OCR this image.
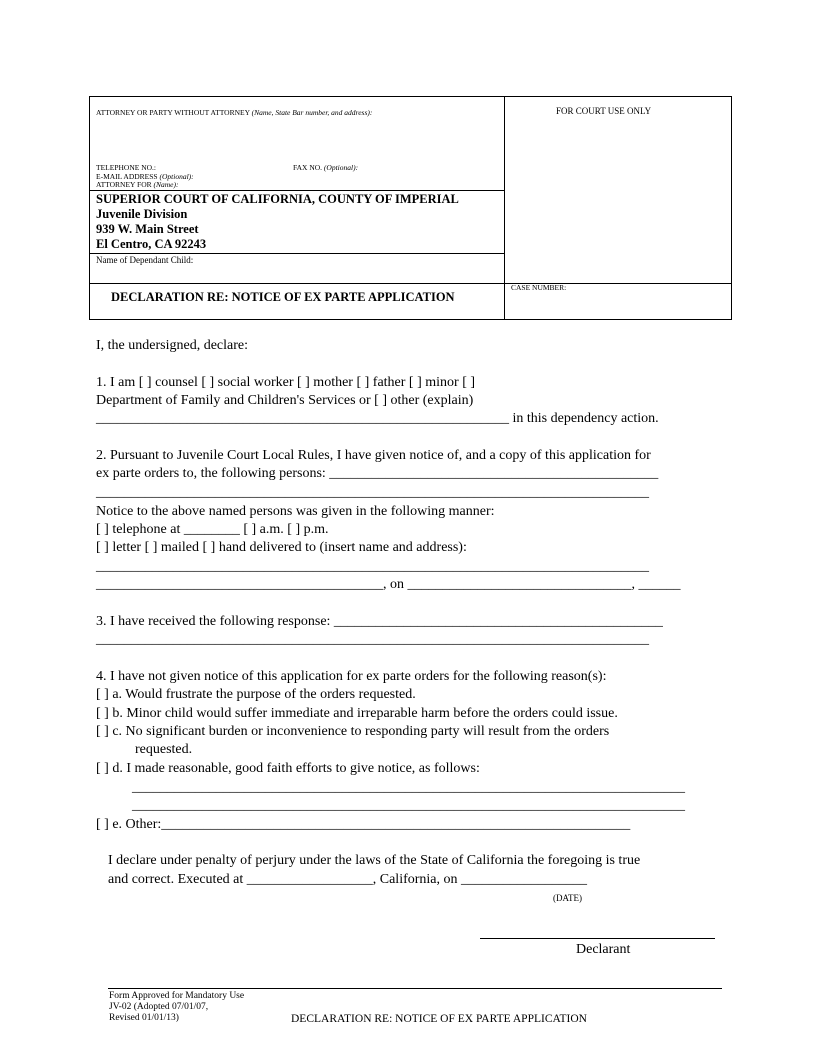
ATTORNEY OR PARTY WITHOUT ATTORNEY (Name, State Bar number, and address):	FOR COURT USE ONLY
TELEPHONE NO.:	FAX NO. (Optional):
E-MAIL ADDRESS (Optional):
ATTORNEY FOR (Name):
SUPERIOR COURT OF CALIFORNIA, COUNTY OF IMPERIAL
Juvenile Division
939 W. Main Street
El Centro, CA 92243
Name of Dependant Child:
DECLARATION RE: NOTICE OF EX PARTE APPLICATION
CASE NUMBER:
I, the undersigned, declare:
1. I am [ ] counsel [ ] social worker [ ] mother [ ] father [ ] minor [ ]
Department of Family and Children's Services or [ ] other (explain)
___________________________________________________________ in this dependency action.
2. Pursuant to Juvenile Court Local Rules, I have given notice of, and a copy of this application for
ex parte orders to, the following persons: _______________________________________________
_______________________________________________________________________________
Notice to the above named persons was given in the following manner:
[ ] telephone at ________ [ ] a.m. [ ] p.m.
[ ] letter [ ] mailed [ ] hand delivered to (insert name and address):
_______________________________________________________________________________
_________________________________________, on ________________________________, ______
3. I have received the following response: _______________________________________________
_______________________________________________________________________________
4. I have not given notice of this application for ex parte orders for the following reason(s):
[ ] a. Would frustrate the purpose of the orders requested.
[ ] b. Minor child would suffer immediate and irreparable harm before the orders could issue.
[ ] c. No significant burden or inconvenience to responding party will result from the orders
requested.
[ ] d. I made reasonable, good faith efforts to give notice, as follows:
_______________________________________________________________________________
_______________________________________________________________________________
[ ] e. Other:___________________________________________________________________
I declare under penalty of perjury under the laws of the State of California the foregoing is true
and correct. Executed at __________________, California, on __________________
(DATE)
Declarant
Form Approved for Mandatory Use
JV-02 (Adopted 07/01/07,
Revised 01/01/13)	DECLARATION RE: NOTICE OF EX PARTE APPLICATION
